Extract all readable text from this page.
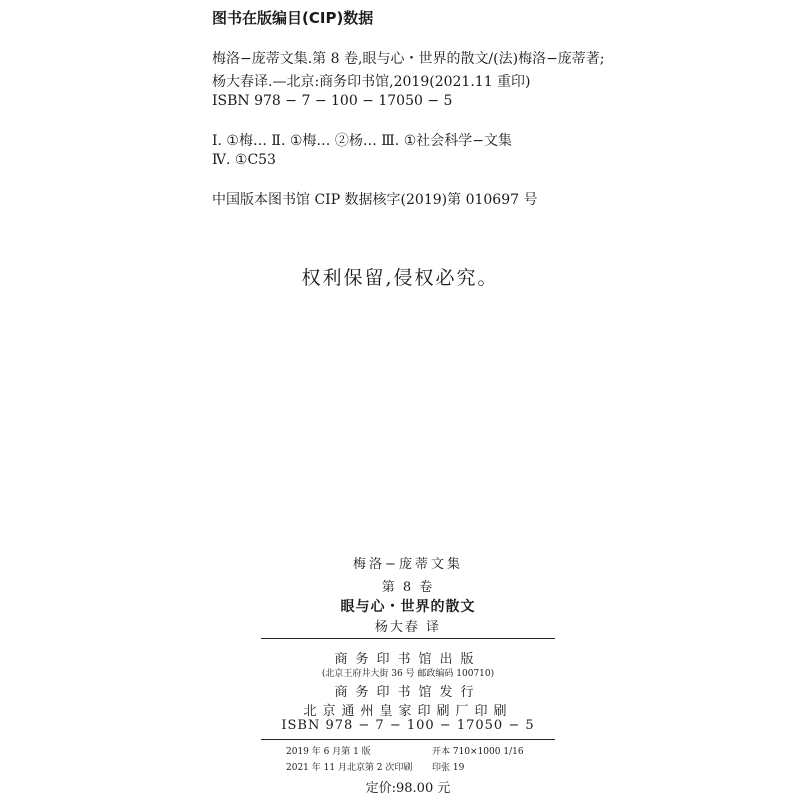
图书在版编目(CIP)数据
梅洛−庞蒂文集.第 8 卷,眼与心・世界的散文/(法)梅洛−庞蒂著;
杨大春译.—北京:商务印书馆,2019(2021.11 重印)
ISBN 978 − 7 − 100 − 17050 − 5
Ⅰ. ①梅… Ⅱ. ①梅… ②杨… Ⅲ. ①社会科学−文集
Ⅳ. ①C53
中国版本图书馆 CIP 数据核字(2019)第 010697 号
权利保留,侵权必究。
梅洛−庞蒂文集
第 8 卷
眼与心・世界的散文
杨大春 译
商务印书馆出版
(北京王府井大街 36 号 邮政编码 100710)
商务印书馆发行
北京通州皇家印刷厂印刷
ISBN 978 − 7 − 100 − 17050 − 5
2019 年 6 月第 1 版	开本 710×1000 1/16
2021 年 11 月北京第 2 次印刷 印张 19
定价:98.00 元
